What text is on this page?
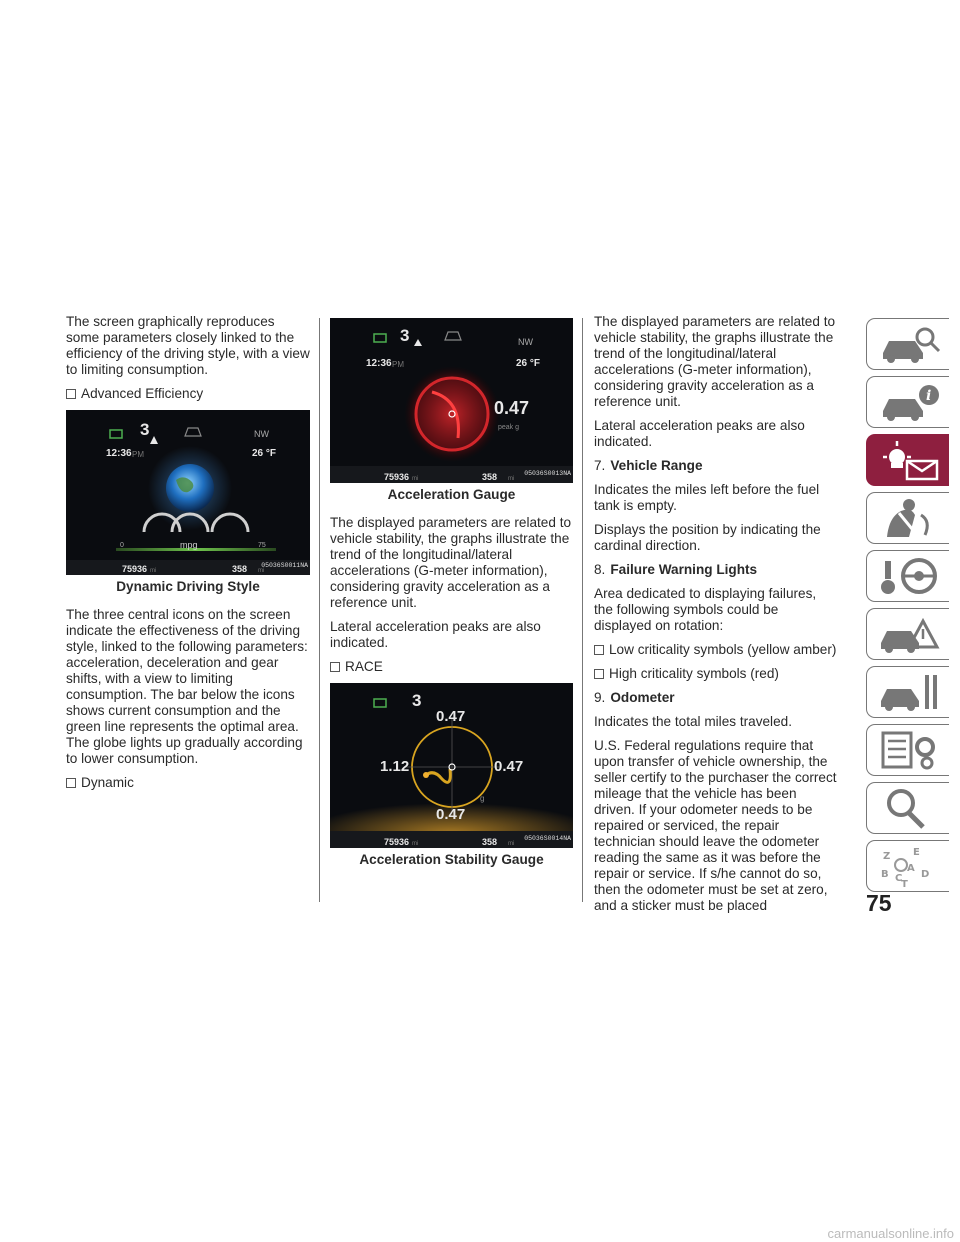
The screen graphically reproduces some parameters closely linked to the efficiency of the driving style, with a view to limiting consumption.

Advanced Efficiency
3	NW
12:36 PM	26 °F
0	mpg	75
75936 mi	358 mi
05036S0011NA
Dynamic Driving Style

The three central icons on the screen indicate the effectiveness of the driving style, linked to the following parameters: acceleration, deceleration and gear shifts, with a view to limiting consumption. The bar below the icons shows current consumption and the green line represents the optimal area. The globe lights up gradually according to lower consumption.

Dynamic
3	NW
12:36 PM	26 °F
0.47
peak g
75936 mi	358 mi
05036S0013NA
Acceleration Gauge

The displayed parameters are related to vehicle stability, the graphs illustrate the trend of the longitudinal/lateral accelerations (G-meter information), considering gravity acceleration as a reference unit.

Lateral acceleration peaks are also indicated.

RACE
3
0.47
1.12	0.47
g
0.47
75936 mi	358 mi
05036S0014NA
Acceleration Stability Gauge

The displayed parameters are related to vehicle stability, the graphs illustrate the trend of the longitudinal/lateral accelerations (G-meter information), considering gravity acceleration as a reference unit.

Lateral acceleration peaks are also indicated.

7. Vehicle Range

Indicates the miles left before the fuel tank is empty.

Displays the position by indicating the cardinal direction.

8. Failure Warning Lights

Area dedicated to displaying failures, the following symbols could be displayed on rotation:

Low criticality symbols (yellow amber)
High criticality symbols (red)
9. Odometer

Indicates the total miles traveled.

U.S. Federal regulations require that upon transfer of vehicle ownership, the seller certify to the purchaser the correct mileage that the vehicle has been driven. If your odometer needs to be repaired or serviced, the repair technician should leave the odometer reading the same as it was before the repair or service. If s/he cannot do so, then the odometer must be set at zero, and a sticker must be placed

i
Z E
B C
A
D
T
75
carmanualsonline.info
